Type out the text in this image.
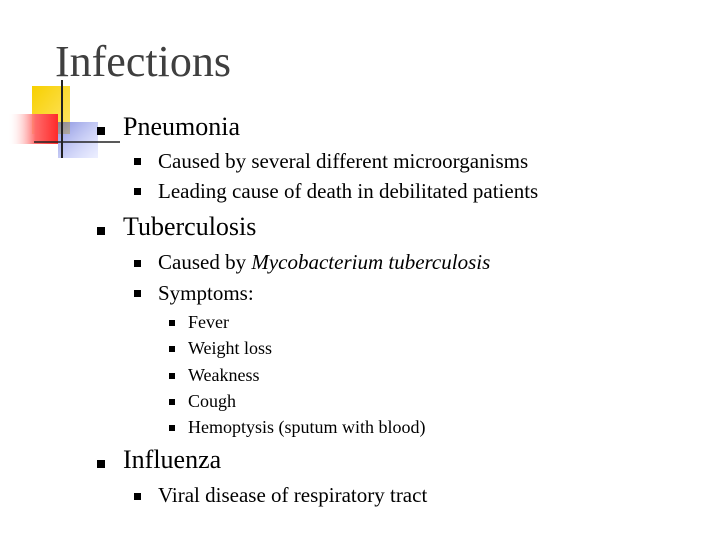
Infections
Pneumonia
Caused by several different microorganisms
Leading cause of death in debilitated patients
Tuberculosis
Caused by Mycobacterium tuberculosis
Symptoms:
Fever
Weight loss
Weakness
Cough
Hemoptysis (sputum with blood)
Influenza
Viral disease of respiratory tract
